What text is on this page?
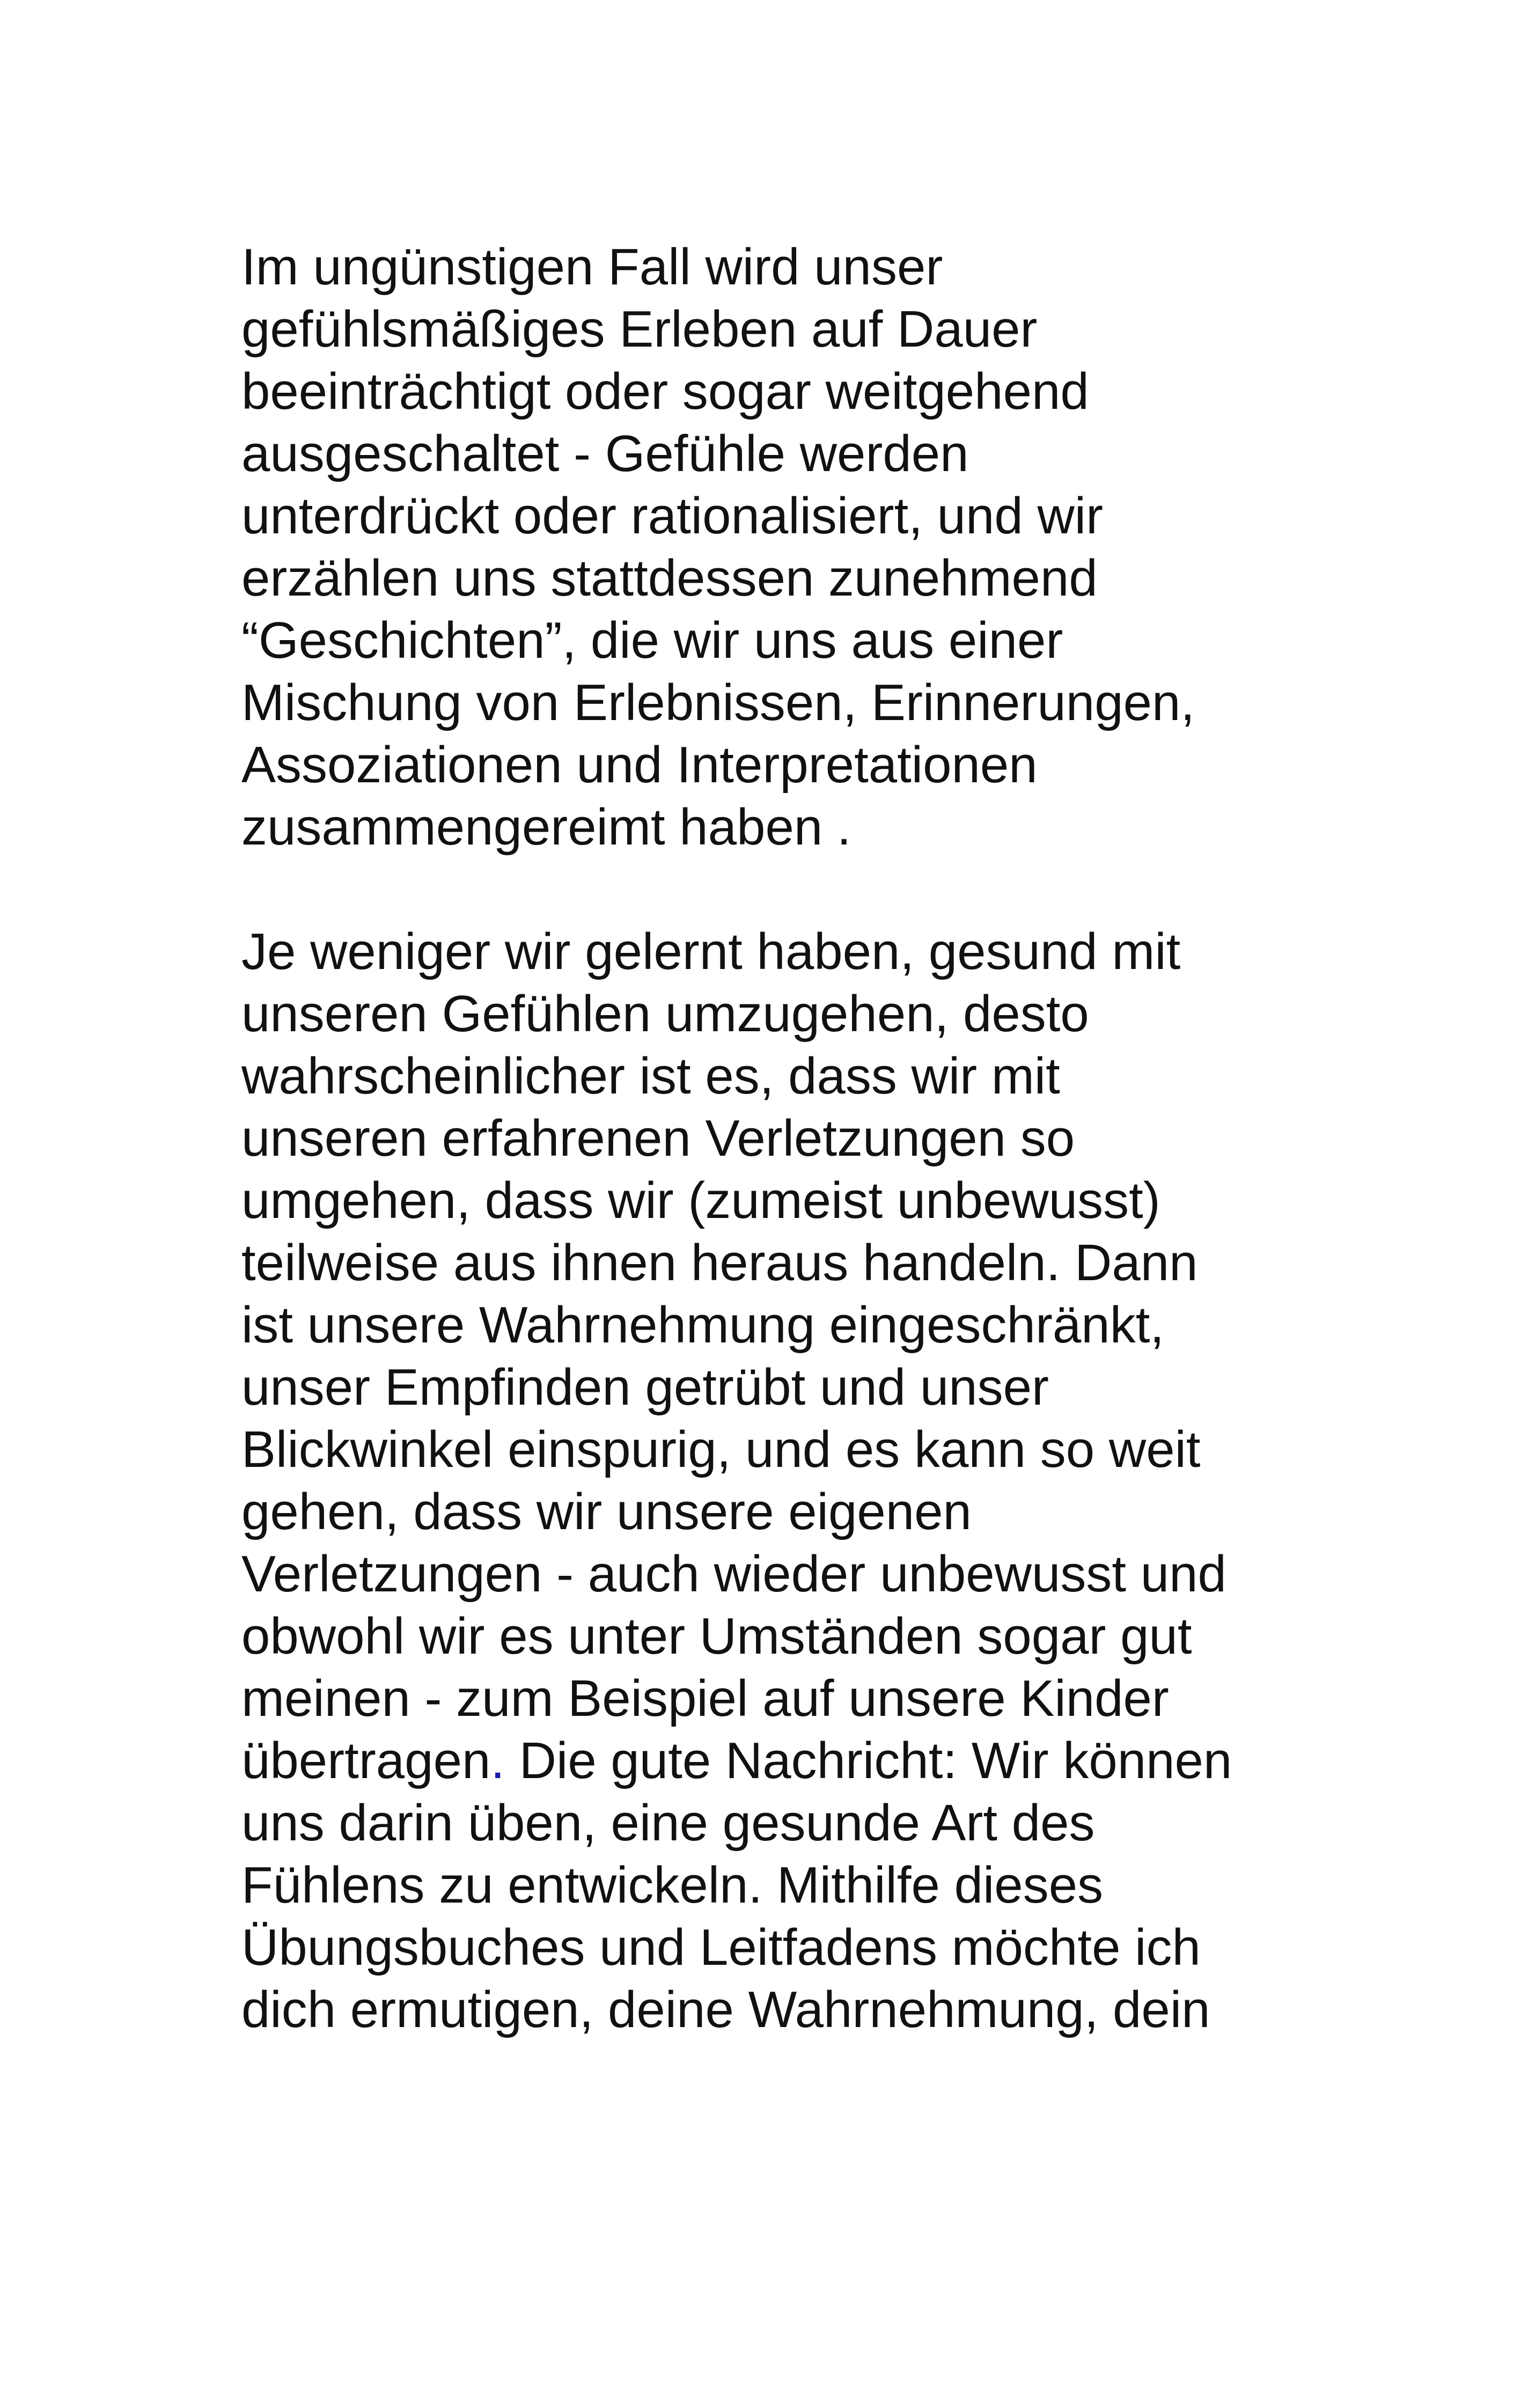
Im ungünstigen Fall wird unser
gefühlsmäßiges Erleben auf Dauer
beeinträchtigt oder sogar weitgehend
ausgeschaltet - Gefühle werden
unterdrückt oder rationalisiert, und wir
erzählen uns stattdessen zunehmend
“Geschichten”, die wir uns aus einer
Mischung von Erlebnissen, Erinnerungen,
Assoziationen und Interpretationen
zusammengereimt haben .
Je weniger wir gelernt haben, gesund mit
unseren Gefühlen umzugehen, desto
wahrscheinlicher ist es, dass wir mit
unseren erfahrenen Verletzungen so
umgehen, dass wir (zumeist unbewusst)
teilweise aus ihnen heraus handeln. Dann
ist unsere Wahrnehmung eingeschränkt,
unser Empfinden getrübt und unser
Blickwinkel einspurig, und es kann so weit
gehen, dass wir unsere eigenen
Verletzungen - auch wieder unbewusst und
obwohl wir es unter Umständen sogar gut
meinen - zum Beispiel auf unsere Kinder
übertragen. Die gute Nachricht: Wir können
uns darin üben, eine gesunde Art des
Fühlens zu entwickeln. Mithilfe dieses
Übungsbuches und Leitfadens möchte ich
dich ermutigen, deine Wahrnehmung, dein
